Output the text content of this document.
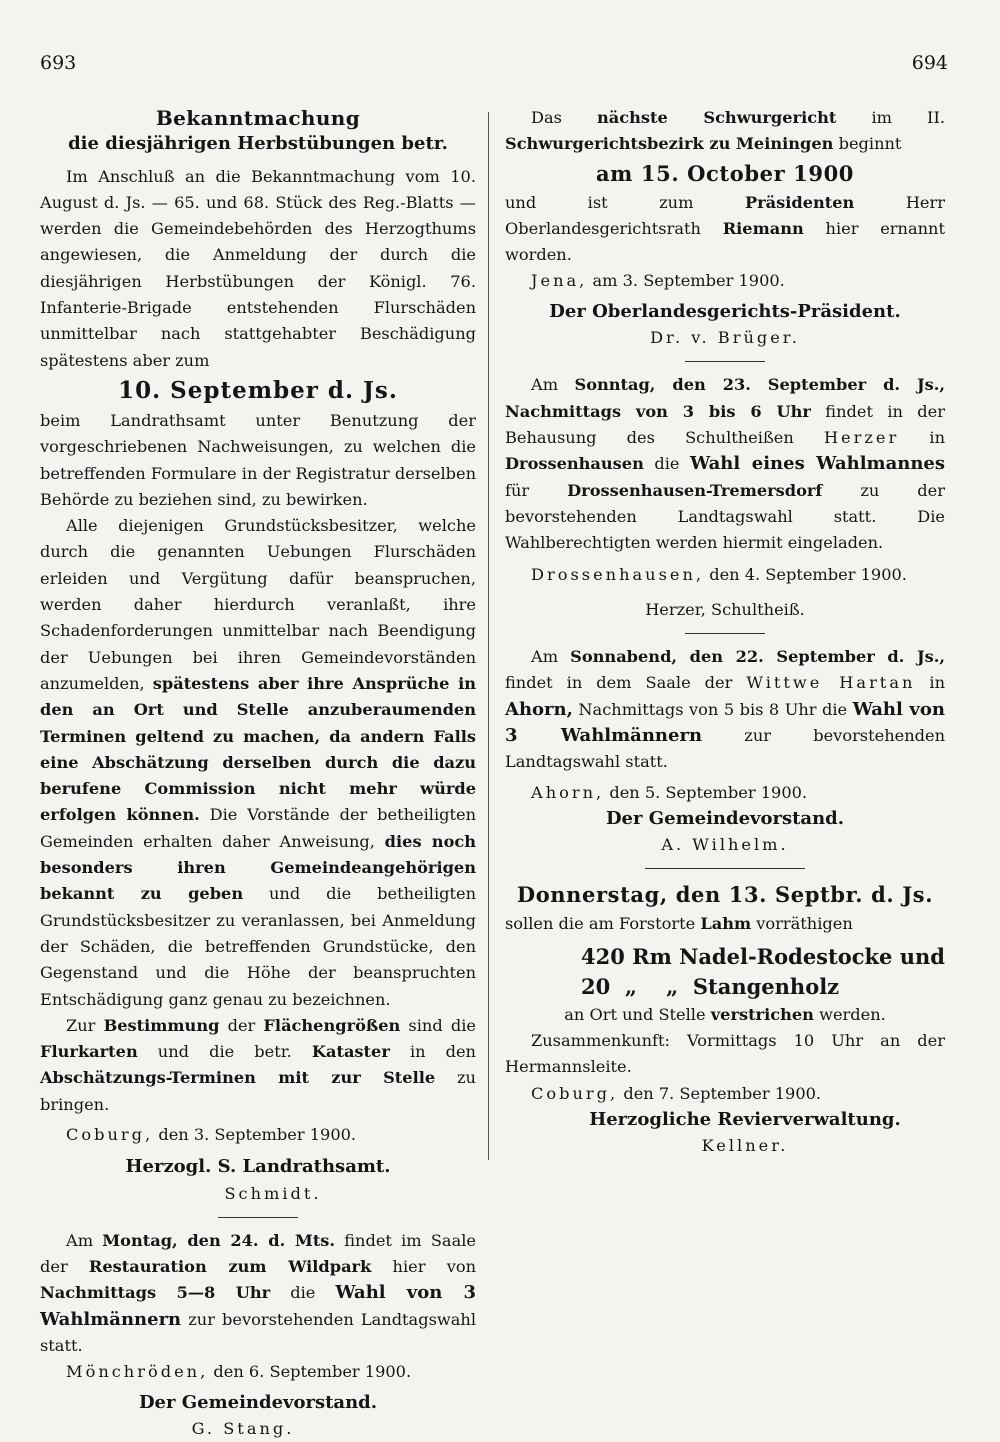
693	694

Bekanntmachung

die diesjährigen Herbstübungen betr.

Im Anschluß an die Bekanntmachung vom 10. August d. Js. — 65. und 68. Stück des Reg.-Blatts — werden die Gemeindebehörden des Herzogthums angewiesen, die Anmeldung der durch die diesjährigen Herbstübungen der Königl. 76. Infanterie-Brigade entstehenden Flurschäden unmittelbar nach stattgehabter Beschädigung spätestens aber zum

10. September d. Js.

beim Landrathsamt unter Benutzung der vorgeschriebenen Nachweisungen, zu welchen die betreffenden Formulare in der Registratur derselben Behörde zu beziehen sind, zu bewirken.

Alle diejenigen Grundstücksbesitzer, welche durch die genannten Uebungen Flurschäden erleiden und Vergütung dafür beanspruchen, werden daher hierdurch veranlaßt, ihre Schadenforderungen unmittelbar nach Beendigung der Uebungen bei ihren Gemeindevorständen anzumelden, spätestens aber ihre Ansprüche in den an Ort und Stelle anzuberaumenden Terminen geltend zu machen, da andern Falls eine Abschätzung derselben durch die dazu berufene Commission nicht mehr würde erfolgen können. Die Vorstände der betheiligten Gemeinden erhalten daher Anweisung, dies noch besonders ihren Gemeindeangehörigen bekannt zu geben und die betheiligten Grundstücksbesitzer zu veranlassen, bei Anmeldung der Schäden, die betreffenden Grundstücke, den Gegenstand und die Höhe der beanspruchten Entschädigung ganz genau zu bezeichnen.

Zur Bestimmung der Flächengrößen sind die Flurkarten und die betr. Kataster in den Abschätzungs-Terminen mit zur Stelle zu bringen.

Coburg, den 3. September 1900.

Herzogl. S. Landrathsamt.

Schmidt.

Am Montag, den 24. d. Mts. findet im Saale der Restauration zum Wildpark hier von Nachmittags 5—8 Uhr die Wahl von 3 Wahlmännern zur bevorstehenden Landtagswahl statt.

Mönchröden, den 6. September 1900.

Der Gemeindevorstand.

G. Stang.

Das nächste Schwurgericht im II. Schwurgerichtsbezirk zu Meiningen beginnt

am 15. October 1900

und ist zum	Präsidenten	Herr Oberlandesgerichtsrath Riemann hier ernannt worden.

Jena, am 3. September 1900.

Der Oberlandesgerichts-Präsident.

Dr. v. Brüger.

Am Sonntag, den 23. September d. Js., Nachmittags von 3 bis 6 Uhr findet in der Behausung des Schultheißen Herzer in Drossenhausen die Wahl eines Wahlmannes für Drossenhausen-Tremersdorf zu der bevorstehenden Landtagswahl statt. Die Wahlberechtigten werden hiermit eingeladen.

Drossenhausen, den 4. September 1900.

Herzer, Schultheiß.

Am Sonnabend, den 22. September d. Js., findet in dem Saale der Wittwe Hartan in Ahorn, Nachmittags von 5 bis 8 Uhr die Wahl von 3 Wahlmännern	zur bevorstehenden Landtagswahl statt.

Ahorn, den 5. September 1900.

Der Gemeindevorstand.

A. Wilhelm.

Donnerstag, den 13. Septbr. d. Js.

sollen die am Forstorte Lahm vorräthigen

420 Rm Nadel-Rodestocke und

20  „    „  Stangenholz

an Ort und Stelle verstrichen werden.

Zusammenkunft: Vormittags 10 Uhr an der Hermannsleite.

Coburg, den 7. September 1900.

Herzogliche Revierverwaltung.

Kellner.
